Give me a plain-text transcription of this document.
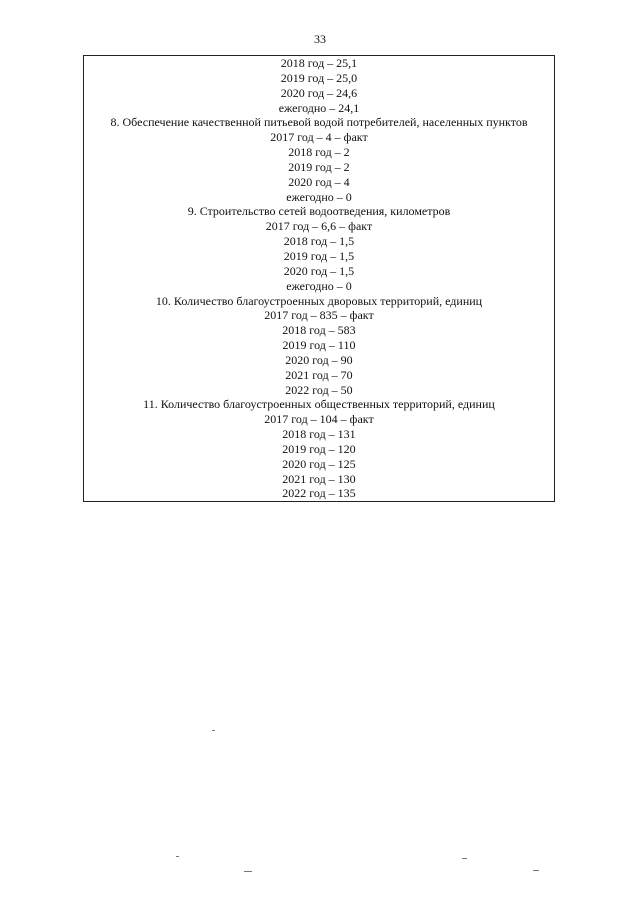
33
2018 год – 25,1
2019 год – 25,0
2020 год – 24,6
ежегодно – 24,1
8. Обеспечение качественной питьевой водой потребителей, населенных пунктов
2017 год – 4 – факт
2018 год – 2
2019 год – 2
2020 год – 4
ежегодно – 0
9. Строительство сетей водоотведения, километров
2017 год – 6,6 – факт
2018 год – 1,5
2019 год – 1,5
2020 год – 1,5
ежегодно – 0
10. Количество благоустроенных дворовых территорий, единиц
2017 год – 835 – факт
2018 год – 583
2019 год – 110
2020 год – 90
2021 год – 70
2022 год – 50
11. Количество благоустроенных общественных территорий, единиц
2017 год – 104 – факт
2018 год – 131
2019 год – 120
2020 год – 125
2021 год – 130
2022 год – 135
